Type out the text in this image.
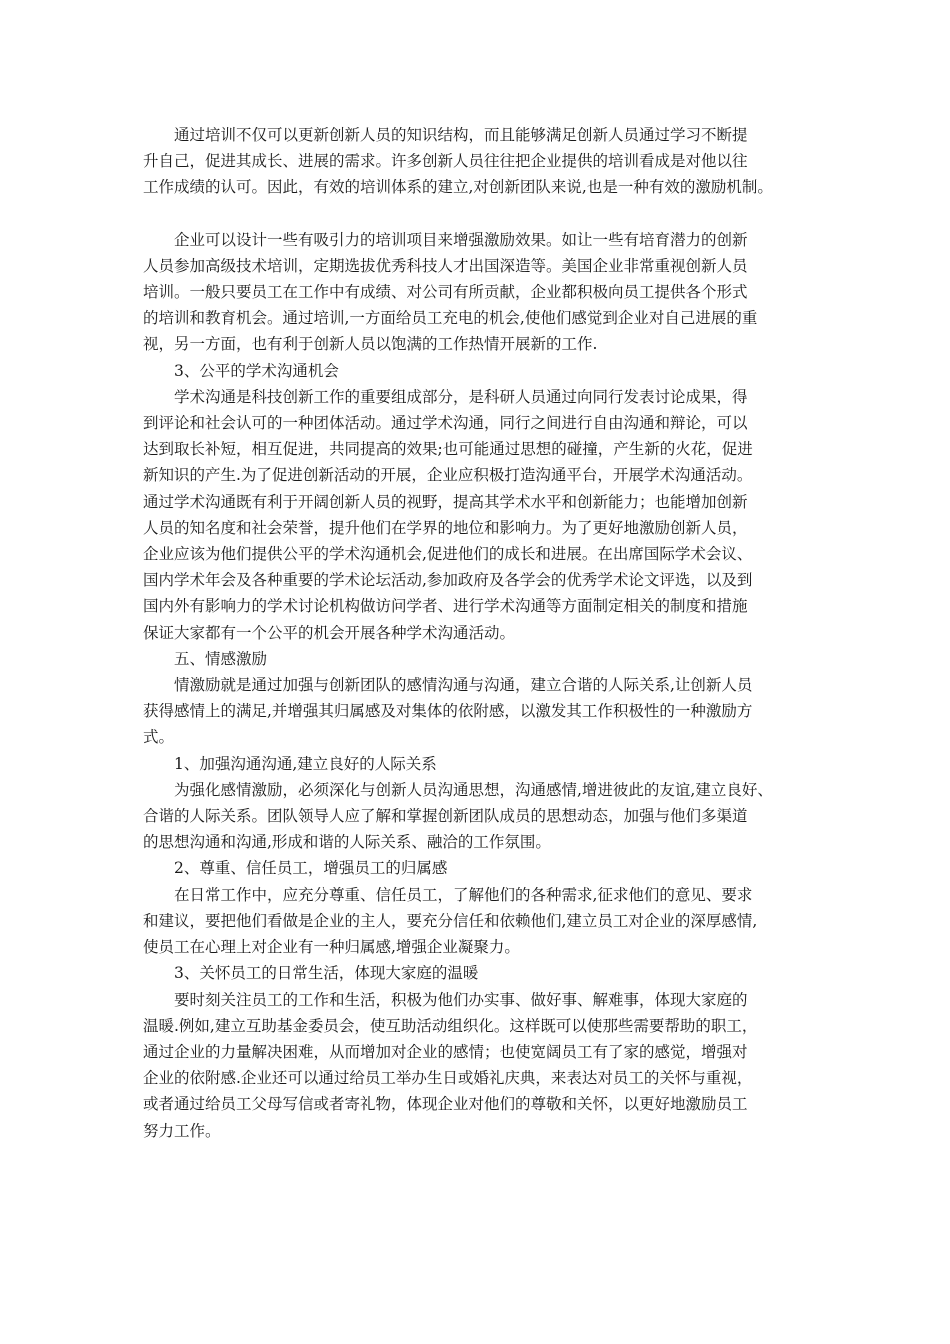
通过培训不仅可以更新创新人员的知识结构，而且能够满足创新人员通过学习不断提
升自己，促进其成长、进展的需求。许多创新人员往往把企业提供的培训看成是对他以往
工作成绩的认可。因此，有效的培训体系的建立,对创新团队来说,也是一种有效的激励机制。

企业可以设计一些有吸引力的培训项目来增强激励效果。如让一些有培育潜力的创新
人员参加高级技术培训，定期选拔优秀科技人才出国深造等。美国企业非常重视创新人员
培训。一般只要员工在工作中有成绩、对公司有所贡献，企业都积极向员工提供各个形式
的培训和教育机会。通过培训,一方面给员工充电的机会,使他们感觉到企业对自己进展的重
视，另一方面，也有利于创新人员以饱满的工作热情开展新的工作.

3、公平的学术沟通机会

学术沟通是科技创新工作的重要组成部分，是科研人员通过向同行发表讨论成果，得
到评论和社会认可的一种团体活动。通过学术沟通，同行之间进行自由沟通和辩论，可以
达到取长补短，相互促进，共同提高的效果;也可能通过思想的碰撞，产生新的火花，促进
新知识的产生.为了促进创新活动的开展，企业应积极打造沟通平台，开展学术沟通活动。
通过学术沟通既有利于开阔创新人员的视野，提高其学术水平和创新能力；也能增加创新
人员的知名度和社会荣誉，提升他们在学界的地位和影响力。为了更好地激励创新人员，
企业应该为他们提供公平的学术沟通机会,促进他们的成长和进展。在出席国际学术会议、
国内学术年会及各种重要的学术论坛活动,参加政府及各学会的优秀学术论文评选，以及到
国内外有影响力的学术讨论机构做访问学者、进行学术沟通等方面制定相关的制度和措施
保证大家都有一个公平的机会开展各种学术沟通活动。

五、情感激励

情激励就是通过加强与创新团队的感情沟通与沟通，建立合谐的人际关系,让创新人员
获得感情上的满足,并增强其归属感及对集体的依附感，以激发其工作积极性的一种激励方
式。

1、加强沟通沟通,建立良好的人际关系

为强化感情激励，必须深化与创新人员沟通思想，沟通感情,增进彼此的友谊,建立良好、
合谐的人际关系。团队领导人应了解和掌握创新团队成员的思想动态，加强与他们多渠道
的思想沟通和沟通,形成和谐的人际关系、融洽的工作氛围。

2、尊重、信任员工，增强员工的归属感

在日常工作中，应充分尊重、信任员工，了解他们的各种需求,征求他们的意见、要求
和建议，要把他们看做是企业的主人，要充分信任和依赖他们,建立员工对企业的深厚感情,
使员工在心理上对企业有一种归属感,增强企业凝聚力。

3、关怀员工的日常生活，体现大家庭的温暖

要时刻关注员工的工作和生活，积极为他们办实事、做好事、解难事，体现大家庭的
温暖.例如,建立互助基金委员会，使互助活动组织化。这样既可以使那些需要帮助的职工，
通过企业的力量解决困难，从而增加对企业的感情；也使宽阔员工有了家的感觉，增强对
企业的依附感.企业还可以通过给员工举办生日或婚礼庆典，来表达对员工的关怀与重视，
或者通过给员工父母写信或者寄礼物，体现企业对他们的尊敬和关怀，以更好地激励员工
努力工作。
